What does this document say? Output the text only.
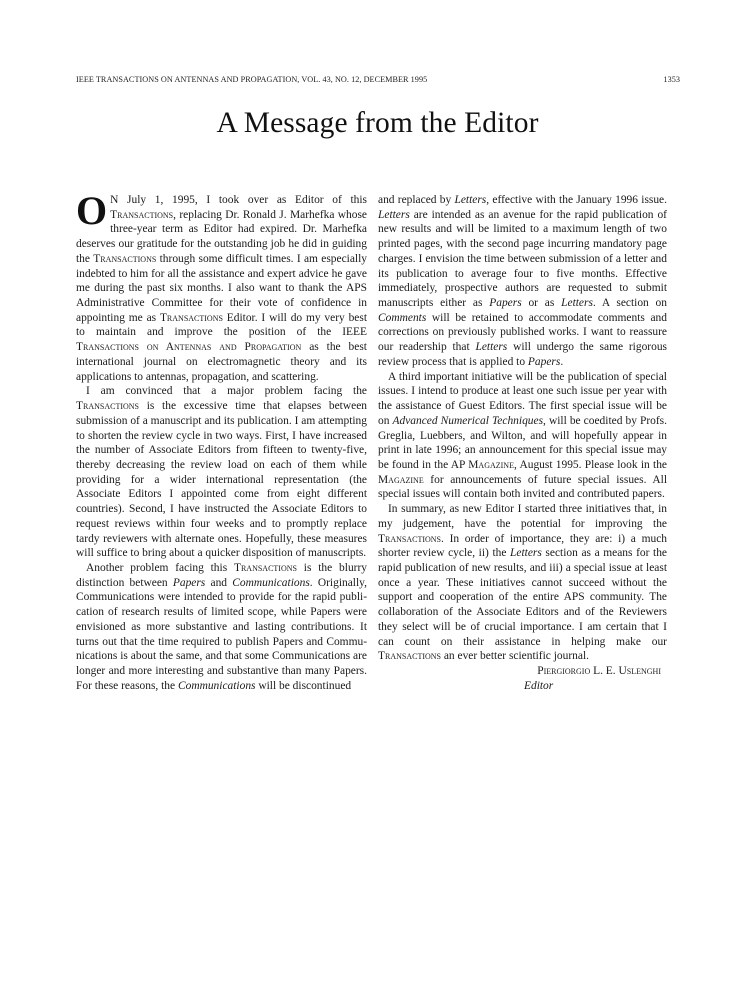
IEEE TRANSACTIONS ON ANTENNAS AND PROPAGATION, VOL. 43, NO. 12, DECEMBER 1995	1353
A Message from the Editor

O N July 1, 1995, I took over as Editor of this Transactions, replacing Dr. Ronald J. Marhefka whose three-year term as Editor had expired. Dr. Marhefka deserves our gratitude for the outstanding job he did in guiding the Transactions through some difficult times. I am especially indebted to him for all the assistance and expert advice he gave me during the past six months. I also want to thank the APS Administrative Committee for their vote of confidence in appointing me as Transactions Editor. I will do my very best to maintain and improve the position of the IEEE Transactions on Antennas and Propagation as the best international journal on electromagnetic theory and its applications to antennas, propagation, and scattering.

I am convinced that a major problem facing the Transactions is the excessive time that elapses between submission of a manuscript and its publication. I am attempting to shorten the review cycle in two ways. First, I have increased the number of Associate Editors from fifteen to twenty-five, thereby decreasing the review load on each of them while providing for a wider international representation (the Associate Editors I appointed come from eight different countries). Second, I have instructed the Associate Editors to request reviews within four weeks and to promptly replace tardy reviewers with alternate ones. Hopefully, these measures will suffice to bring about a quicker disposition of manuscripts.

Another problem facing this Transactions is the blurry distinction between Papers and Communications. Originally, Communications were intended to provide for the rapid publication of research results of limited scope, while Papers were envisioned as more substantive and lasting contributions. It turns out that the time required to publish Papers and Communications is about the same, and that some Communications are longer and more interesting and substantive than many Papers. For these reasons, the Communications will be discontinued

and replaced by Letters, effective with the January 1996 issue. Letters are intended as an avenue for the rapid publication of new results and will be limited to a maximum length of two printed pages, with the second page incurring mandatory page charges. I envision the time between submission of a letter and its publication to average four to five months. Effective immediately, prospective authors are requested to submit manuscripts either as Papers or as Letters. A section on Comments will be retained to accommodate comments and corrections on previously published works. I want to reassure our readership that Letters will undergo the same rigorous review process that is applied to Papers.

A third important initiative will be the publication of special issues. I intend to produce at least one such issue per year with the assistance of Guest Editors. The first special issue will be on Advanced Numerical Techniques, will be coedited by Profs. Greglia, Luebbers, and Wilton, and will hopefully appear in print in late 1996; an announcement for this special issue may be found in the AP Magazine, August 1995. Please look in the Magazine for announcements of future special issues. All special issues will contain both invited and contributed papers.

In summary, as new Editor I started three initiatives that, in my judgement, have the potential for improving the Transactions. In order of importance, they are: i) a much shorter review cycle, ii) the Letters section as a means for the rapid publication of new results, and iii) a special issue at least once a year. These initiatives cannot succeed without the support and cooperation of the entire APS community. The collaboration of the Associate Editors and of the Reviewers they select will be of crucial importance. I am certain that I can count on their assistance in helping make our Transactions an ever better scientific journal.

Piergiorgio L. E. Uslenghi
Editor
